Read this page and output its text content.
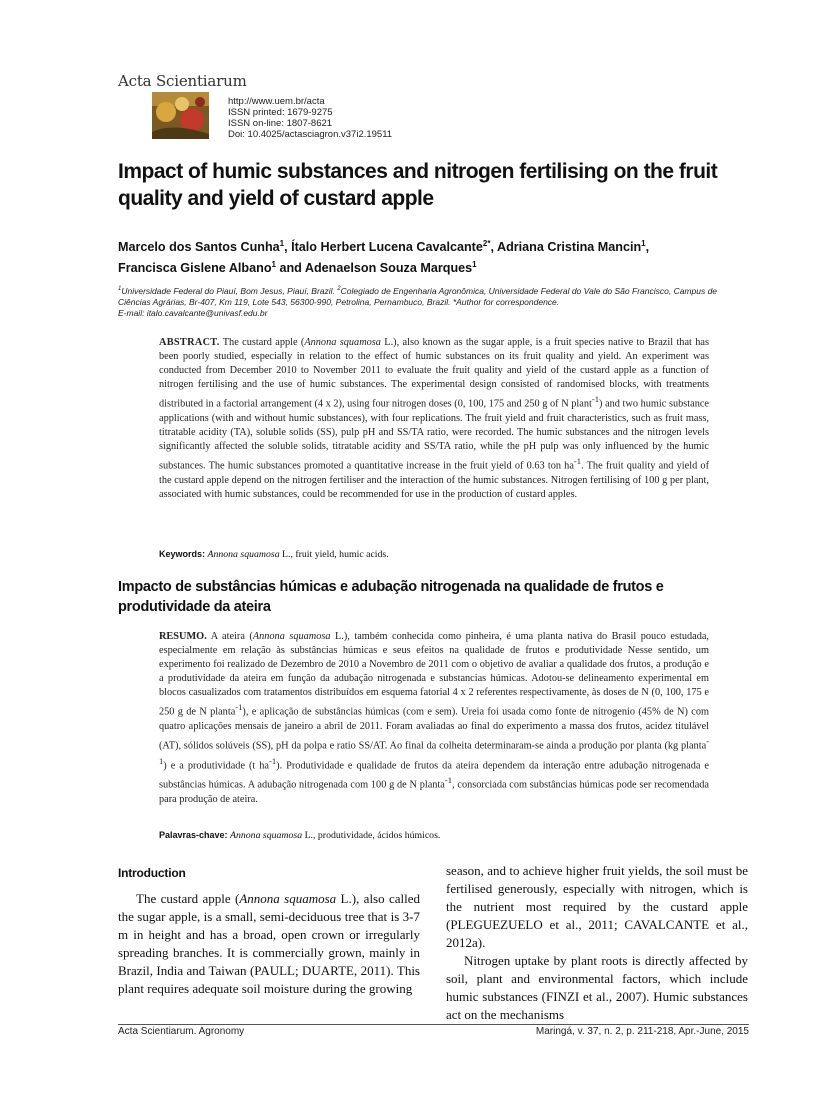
Acta Scientiarum
http://www.uem.br/acta
ISSN printed: 1679-9275
ISSN on-line: 1807-8621
Doi: 10.4025/actasciagron.v37i2.19511
Impact of humic substances and nitrogen fertilising on the fruit quality and yield of custard apple
Marcelo dos Santos Cunha$^1$, Ítalo Herbert Lucena Cavalcante$^{2*}$, Adriana Cristina Mancin$^1$,
Francisca Gislene Albano$^1$ and Adenaelson Souza Marques$^1$
$^1$Universidade Federal do Piauí, Bom Jesus, Piauí, Brazil. $^2$Colegiado de Engenharia Agronômica, Universidade Federal do Vale do São Francisco, Campus de Ciências Agrárias, Br-407, Km 119, Lote 543, 56300-990, Petrolina, Pernambuco, Brazil. *Author for correspondence.
E-mail: italo.cavalcante@univasf.edu.br
ABSTRACT. The custard apple (Annona squamosa L.), also known as the sugar apple, is a fruit species native to Brazil that has been poorly studied, especially in relation to the effect of humic substances on its fruit quality and yield. An experiment was conducted from December 2010 to November 2011 to evaluate the fruit quality and yield of the custard apple as a function of nitrogen fertilising and the use of humic substances. The experimental design consisted of randomised blocks, with treatments distributed in a factorial arrangement (4 x 2), using four nitrogen doses (0, 100, 175 and 250 g of N plant$^{-1}$) and two humic substance applications (with and without humic substances), with four replications. The fruit yield and fruit characteristics, such as fruit mass, titratable acidity (TA), soluble solids (SS), pulp pH and SS/TA ratio, were recorded. The humic substances and the nitrogen levels significantly affected the soluble solids, titratable acidity and SS/TA ratio, while the pH pulp was only influenced by the humic substances. The humic substances promoted a quantitative increase in the fruit yield of 0.63 ton $ha^{-1}$. The fruit quality and yield of the custard apple depend on the nitrogen fertiliser and the interaction of the humic substances. Nitrogen fertilising of 100 g per plant, associated with humic substances, could be recommended for use in the production of custard apples.
Keywords: Annona squamosa L., fruit yield, humic acids.
Impacto de substâncias húmicas e adubação nitrogenada na qualidade de frutos e produtividade da ateira
RESUMO. A ateira (Annona squamosa L.), também conhecida como pinheira, é uma planta nativa do Brasil pouco estudada, especialmente em relação às substâncias húmicas e seus efeitos na qualidade de frutos e produtividade Nesse sentido, um experimento foi realizado de Dezembro de 2010 a Novembro de 2011 com o objetivo de avaliar a qualidade dos frutos, a produção e a produtividade da ateira em função da adubação nitrogenada e substancias húmicas. Adotou-se delineamento experimental em blocos casualizados com tratamentos distribuídos em esquema fatorial 4 x 2 referentes respectivamente, às doses de N (0, 100, 175 e 250 g de N planta$^{-1}$), e aplicação de substâncias húmicas (com e sem). Ureia foi usada como fonte de nitrogenio (45% de N) com quatro aplicações mensais de janeiro a abril de 2011. Foram avaliadas ao final do experimento a massa dos frutos, acidez titulável (AT), sólidos solúveis (SS), pH da polpa e ratio SS/AT. Ao final da colheita determinaram-se ainda a produção por planta (kg planta$^{-1}$) e a produtividade (t $ha^{-1}$). Produtividade e qualidade de frutos da ateira dependem da interação entre adubação nitrogenada e substâncias húmicas. A adubação nitrogenada com 100 g de N planta$^{-1}$, consorciada com substâncias húmicas pode ser recomendada para produção de ateira.
Palavras-chave: Annona squamosa L., produtividade, ácidos húmicos.
Introduction

The custard apple (Annona squamosa L.), also called the sugar apple, is a small, semi-deciduous tree that is 3-7 m in height and has a broad, open crown or irregularly spreading branches. It is commercially grown, mainly in Brazil, India and Taiwan (PAULL; DUARTE, 2011). This plant requires adequate soil moisture during the growing

season, and to achieve higher fruit yields, the soil must be fertilised generously, especially with nitrogen, which is the nutrient most required by the custard apple (PLEGUEZUELO et al., 2011; CAVALCANTE et al., 2012a).

Nitrogen uptake by plant roots is directly affected by soil, plant and environmental factors, which include humic substances (FINZI et al., 2007). Humic substances act on the mechanisms

Acta Scientiarum. Agronomy	Maringá, v. 37, n. 2, p. 211-218, Apr.-June, 2015
